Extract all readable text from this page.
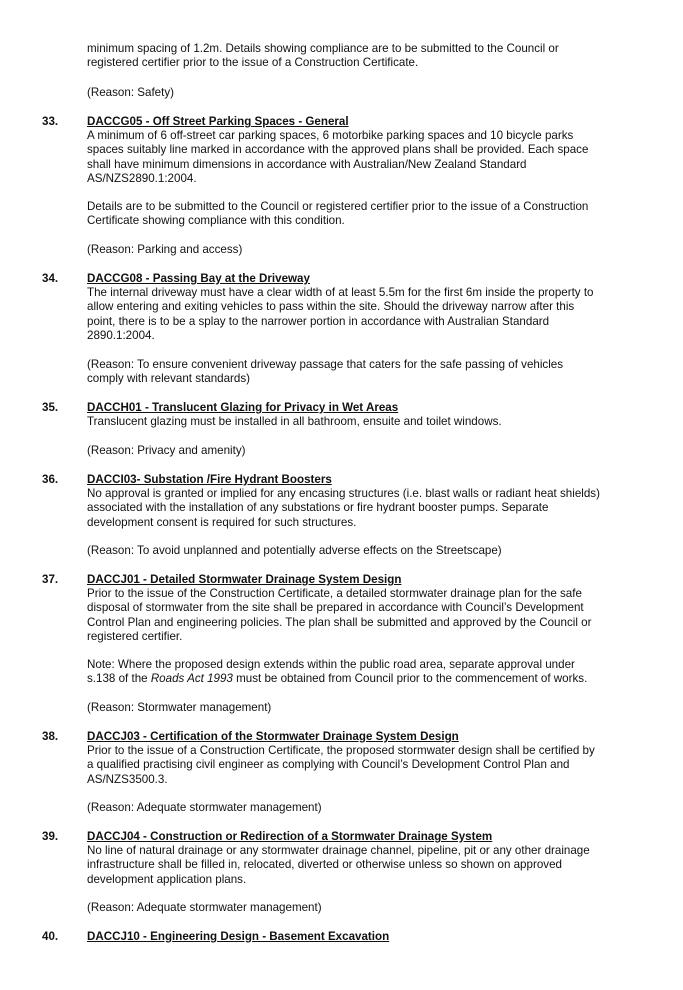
minimum spacing of 1.2m. Details showing compliance are to be submitted to the Council or
registered certifier prior to the issue of a Construction Certificate.
(Reason: Safety)
33. DACCG05 - Off Street Parking Spaces - General
A minimum of 6 off-street car parking spaces, 6 motorbike parking spaces and 10 bicycle parks
spaces suitably line marked in accordance with the approved plans shall be provided. Each space
shall have minimum dimensions in accordance with Australian/New Zealand Standard
AS/NZS2890.1:2004.
Details are to be submitted to the Council or registered certifier prior to the issue of a Construction
Certificate showing compliance with this condition.
(Reason: Parking and access)
34. DACCG08 - Passing Bay at the Driveway
The internal driveway must have a clear width of at least 5.5m for the first 6m inside the property to
allow entering and exiting vehicles to pass within the site. Should the driveway narrow after this
point, there is to be a splay to the narrower portion in accordance with Australian Standard
2890.1:2004.
(Reason: To ensure convenient driveway passage that caters for the safe passing of vehicles
comply with relevant standards)
35. DACCH01 - Translucent Glazing for Privacy in Wet Areas
Translucent glazing must be installed in all bathroom, ensuite and toilet windows.
(Reason: Privacy and amenity)
36. DACCI03- Substation /Fire Hydrant Boosters
No approval is granted or implied for any encasing structures (i.e. blast walls or radiant heat shields)
associated with the installation of any substations or fire hydrant booster pumps. Separate
development consent is required for such structures.
(Reason: To avoid unplanned and potentially adverse effects on the Streetscape)
37. DACCJ01 - Detailed Stormwater Drainage System Design
Prior to the issue of the Construction Certificate, a detailed stormwater drainage plan for the safe
disposal of stormwater from the site shall be prepared in accordance with Council’s Development
Control Plan and engineering policies. The plan shall be submitted and approved by the Council or
registered certifier.
Note: Where the proposed design extends within the public road area, separate approval under
s.138 of the Roads Act 1993 must be obtained from Council prior to the commencement of works.
(Reason: Stormwater management)
38. DACCJ03 - Certification of the Stormwater Drainage System Design
Prior to the issue of a Construction Certificate, the proposed stormwater design shall be certified by
a qualified practising civil engineer as complying with Council’s Development Control Plan and
AS/NZS3500.3.
(Reason: Adequate stormwater management)
39. DACCJ04 - Construction or Redirection of a Stormwater Drainage System
No line of natural drainage or any stormwater drainage channel, pipeline, pit or any other drainage
infrastructure shall be filled in, relocated, diverted or otherwise unless so shown on approved
development application plans.
(Reason: Adequate stormwater management)
40. DACCJ10 - Engineering Design - Basement Excavation
